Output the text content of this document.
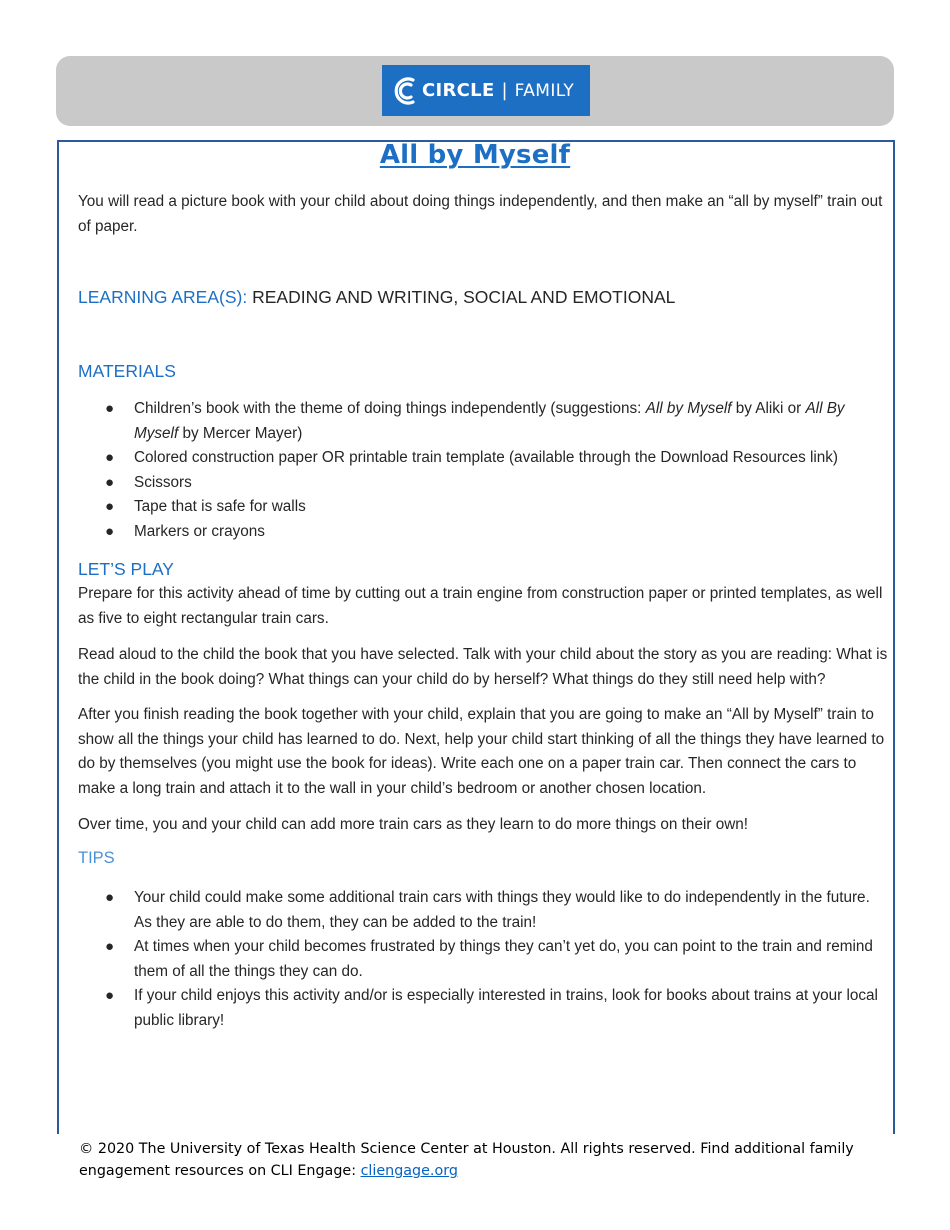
CIRCLE | FAMILY
All by Myself

You will read a picture book with your child about doing things independently, and then make an “all by myself” train out of paper.

LEARNING AREA(S): READING AND WRITING, SOCIAL AND EMOTIONAL
MATERIALS
● Children’s book with the theme of doing things independently (suggestions: All by Myself by Aliki or All By Myself by Mercer Mayer)
● Colored construction paper OR printable train template (available through the Download Resources link)
● Scissors
● Tape that is safe for walls
● Markers or crayons
LET’S PLAY

Prepare for this activity ahead of time by cutting out a train engine from construction paper or printed templates, as well as five to eight rectangular train cars.

Read aloud to the child the book that you have selected. Talk with your child about the story as you are reading: What is the child in the book doing? What things can your child do by herself? What things do they still need help with?

After you finish reading the book together with your child, explain that you are going to make an “All by Myself” train to show all the things your child has learned to do. Next, help your child start thinking of all the things they have learned to do by themselves (you might use the book for ideas). Write each one on a paper train car. Then connect the cars to make a long train and attach it to the wall in your child’s bedroom or another chosen location.

Over time, you and your child can add more train cars as they learn to do more things on their own!

TIPS
● Your child could make some additional train cars with things they would like to do independently in the future. As they are able to do them, they can be added to the train!
● At times when your child becomes frustrated by things they can’t yet do, you can point to the train and remind them of all the things they can do.
● If your child enjoys this activity and/or is especially interested in trains, look for books about trains at your local public library!

© 2020 The University of Texas Health Science Center at Houston. All rights reserved. Find additional family engagement resources on CLI Engage: cliengage.org
